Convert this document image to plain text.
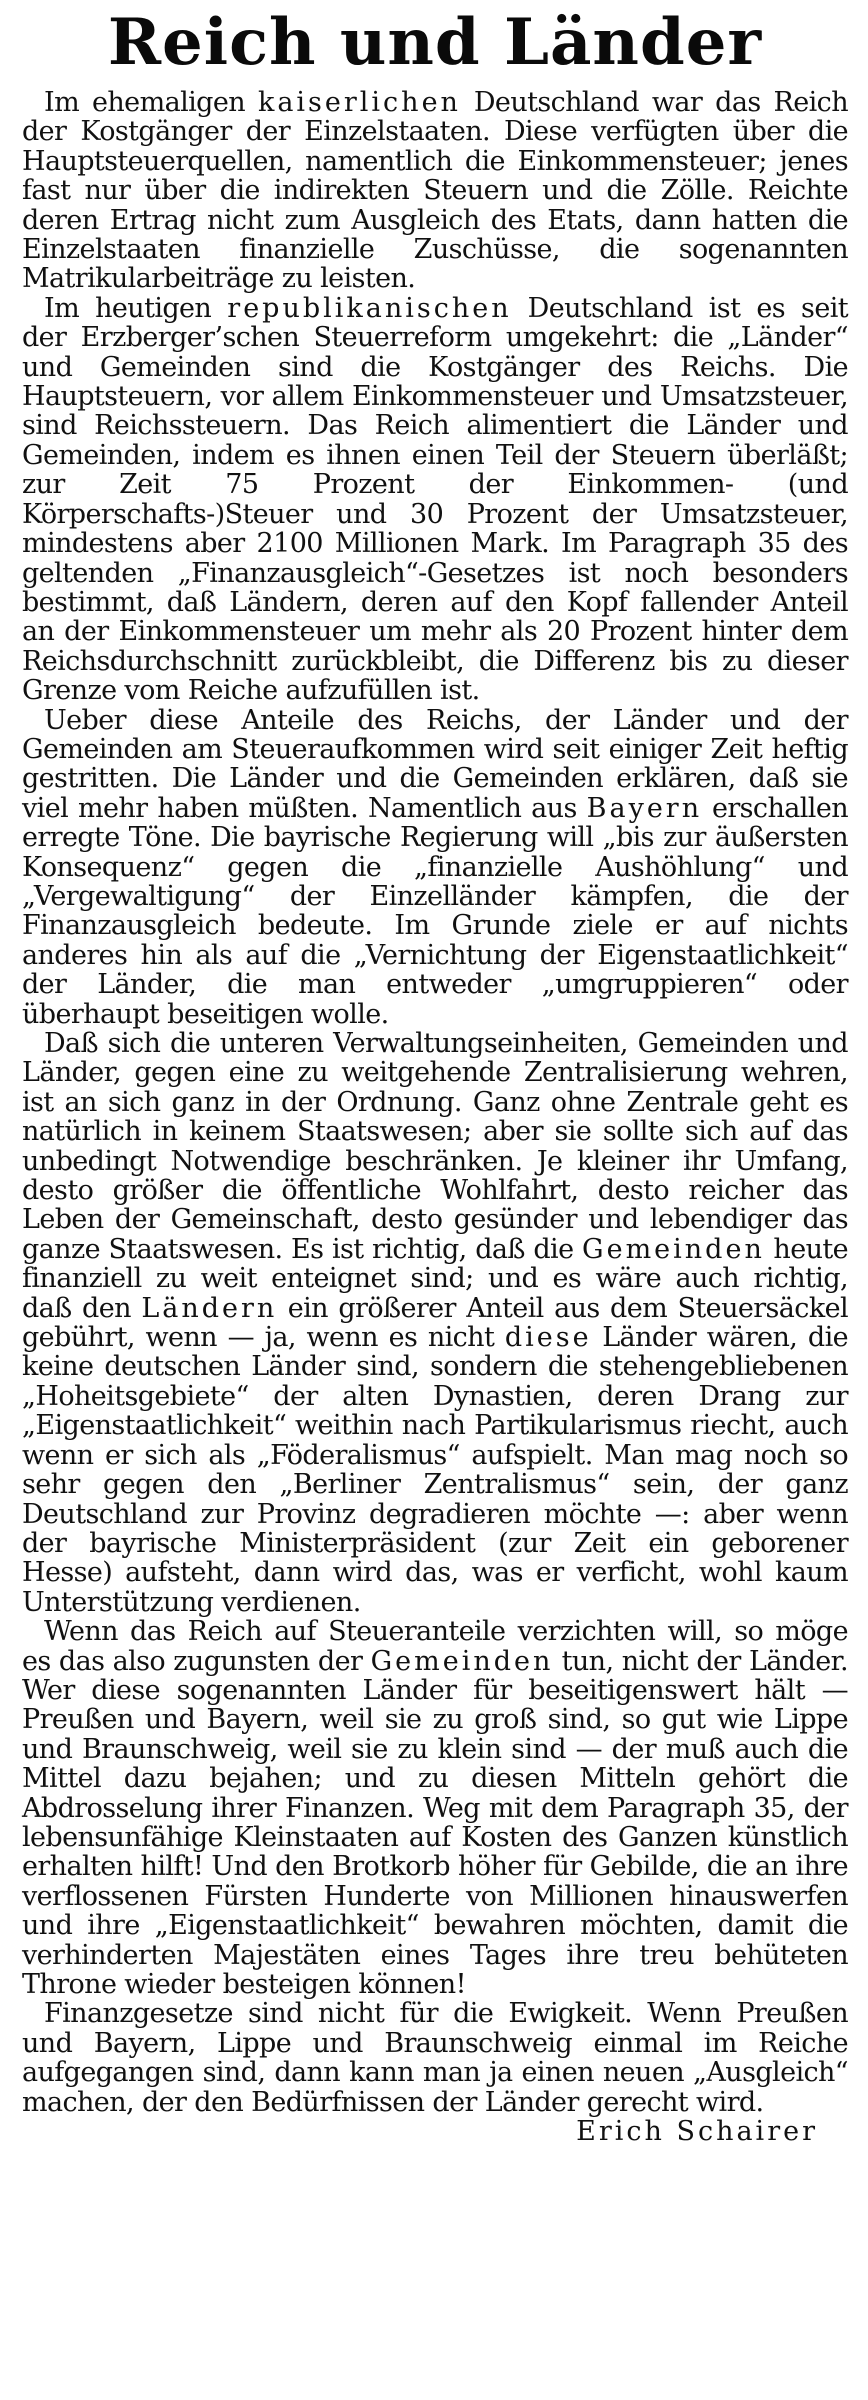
Reich und Länder

Im ehemaligen kaiserlichen Deutschland war das Reich der Kostgänger der Einzelstaaten. Diese verfügten über die Hauptsteuerquellen, namentlich die Einkommensteuer; jenes fast nur über die indirekten Steuern und die Zölle. Reichte deren Ertrag nicht zum Ausgleich des Etats, dann hatten die Einzelstaaten finanzielle Zuschüsse, die sogenannten Matrikularbeiträge zu leisten.

Im heutigen republikanischen Deutschland ist es seit der Erzberger’schen Steuerreform umgekehrt: die „Länder“ und Gemeinden sind die Kostgänger des Reichs. Die Hauptsteuern, vor allem Einkommensteuer und Umsatzsteuer, sind Reichssteuern. Das Reich alimentiert die Länder und Gemeinden, indem es ihnen einen Teil der Steuern überläßt; zur Zeit 75 Prozent der Einkommen- (und Körperschafts-)Steuer und 30 Prozent der Umsatzsteuer, mindestens aber 2100 Millionen Mark. Im Paragraph 35 des geltenden „Finanzausgleich“-Gesetzes ist noch besonders bestimmt, daß Ländern, deren auf den Kopf fallender Anteil an der Einkommensteuer um mehr als 20 Prozent hinter dem Reichsdurchschnitt zurückbleibt, die Differenz bis zu dieser Grenze vom Reiche aufzufüllen ist.

Ueber diese Anteile des Reichs, der Länder und der Gemeinden am Steueraufkommen wird seit einiger Zeit heftig gestritten. Die Länder und die Gemeinden erklären, daß sie viel mehr haben müßten. Namentlich aus Bayern erschallen erregte Töne. Die bayrische Regierung will „bis zur äußersten Konsequenz“ gegen die „finanzielle Aushöhlung“ und „Vergewaltigung“ der Einzelländer kämpfen, die der Finanzausgleich bedeute. Im Grunde ziele er auf nichts anderes hin als auf die „Vernichtung der Eigenstaatlichkeit“ der Länder, die man entweder „umgruppieren“ oder überhaupt beseitigen wolle.

Daß sich die unteren Verwaltungseinheiten, Gemeinden und Länder, gegen eine zu weitgehende Zentralisierung wehren, ist an sich ganz in der Ordnung. Ganz ohne Zentrale geht es natürlich in keinem Staatswesen; aber sie sollte sich auf das unbedingt Notwendige beschränken. Je kleiner ihr Umfang, desto größer die öffentliche Wohlfahrt, desto reicher das Leben der Gemeinschaft, desto gesünder und lebendiger das ganze Staatswesen. Es ist richtig, daß die Gemeinden heute finanziell zu weit enteignet sind; und es wäre auch richtig, daß den Ländern ein größerer Anteil aus dem Steuersäckel gebührt, wenn — ja, wenn es nicht diese Länder wären, die keine deutschen Länder sind, sondern die stehengebliebenen „Hoheitsgebiete“ der alten Dynastien, deren Drang zur „Eigenstaatlichkeit“ weithin nach Partikularismus riecht, auch wenn er sich als „Föderalismus“ aufspielt. Man mag noch so sehr gegen den „Berliner Zentralismus“ sein, der ganz Deutschland zur Provinz degradieren möchte —: aber wenn der bayrische Ministerpräsident (zur Zeit ein geborener Hesse) aufsteht, dann wird das, was er verficht, wohl kaum Unterstützung verdienen.

Wenn das Reich auf Steueranteile verzichten will, so möge es das also zugunsten der Gemeinden tun, nicht der Länder. Wer diese sogenannten Länder für beseitigenswert hält — Preußen und Bayern, weil sie zu groß sind, so gut wie Lippe und Braunschweig, weil sie zu klein sind — der muß auch die Mittel dazu bejahen; und zu diesen Mitteln gehört die Abdrosselung ihrer Finanzen. Weg mit dem Paragraph 35, der lebensunfähige Kleinstaaten auf Kosten des Ganzen künstlich erhalten hilft! Und den Brotkorb höher für Gebilde, die an ihre verflossenen Fürsten Hunderte von Millionen hinauswerfen und ihre „Eigenstaatlichkeit“ bewahren möchten, damit die verhinderten Majestäten eines Tages ihre treu behüteten Throne wieder besteigen können!

Finanzgesetze sind nicht für die Ewigkeit. Wenn Preußen und Bayern, Lippe und Braunschweig einmal im Reiche aufgegangen sind, dann kann man ja einen neuen „Ausgleich“ machen, der den Bedürfnissen der Länder gerecht wird.

Erich Schairer
